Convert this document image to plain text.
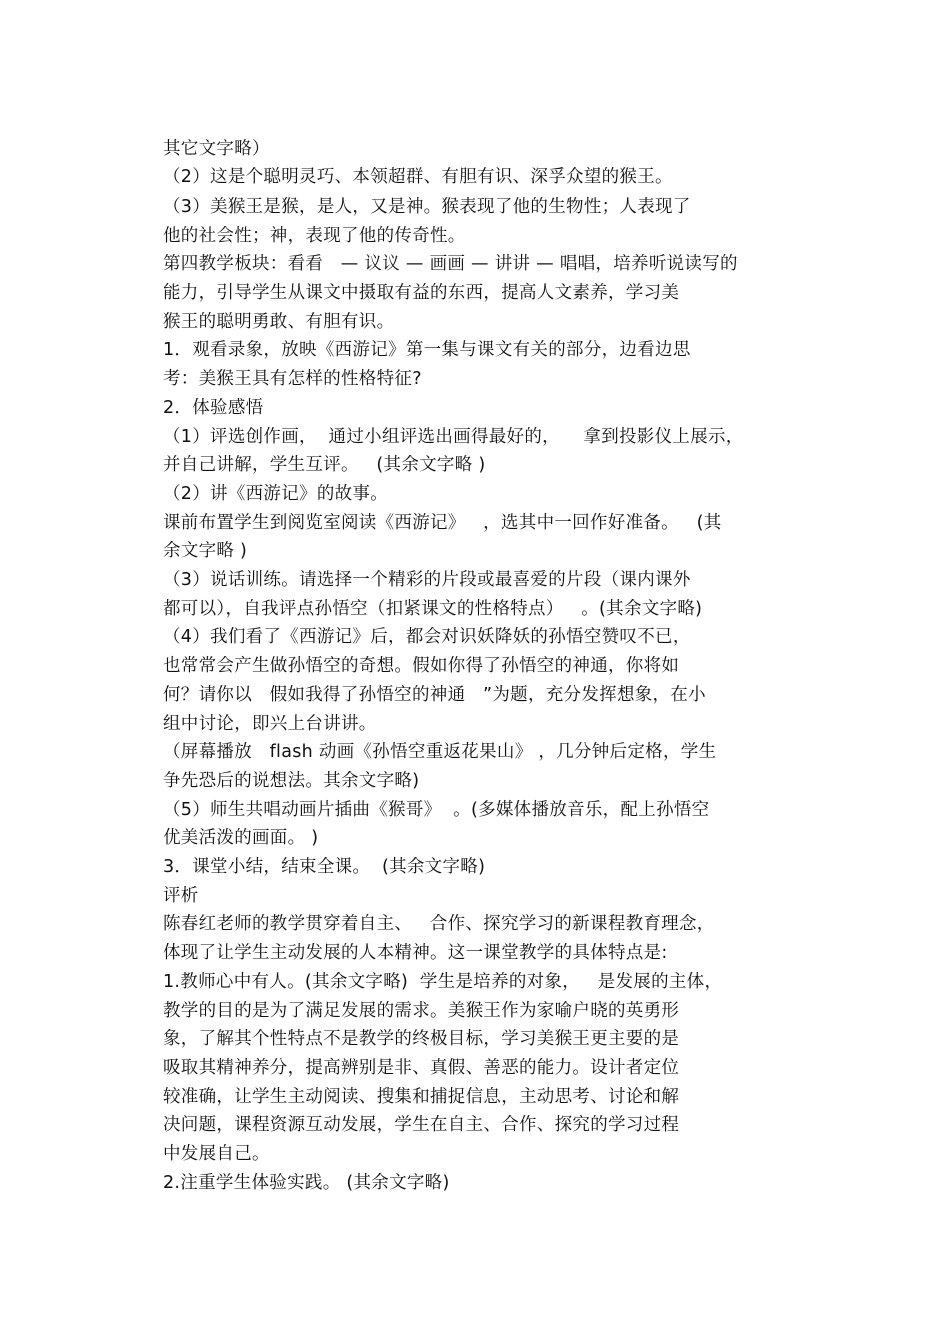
其它文字略）
（2）这是个聪明灵巧、本领超群、有胆有识、深孚众望的猴王。
（3）美猴王是猴，是人，又是神。猴表现了他的生物性；人表现了
他的社会性；神，表现了他的传奇性。
第四教学板块：看看   — 议议 — 画画 — 讲讲 — 唱唱，培养听说读写的
能力，引导学生从课文中摄取有益的东西，提高人文素养，学习美
猴王的聪明勇敢、有胆有识。
1．观看录象，放映《西游记》第一集与课文有关的部分，边看边思
考：美猴王具有怎样的性格特征?
2．体验感悟
（1）评选创作画，  通过小组评选出画得最好的，    拿到投影仪上展示，
并自己讲解，学生互评。   (其余文字略 )
（2）讲《西游记》的故事。
课前布置学生到阅览室阅读《西游记》   ，选其中一回作好准备。   (其
余文字略 )
（3）说话训练。请选择一个精彩的片段或最喜爱的片段（课内课外
都可以），自我评点孙悟空（扣紧课文的性格特点）   。(其余文字略)
（4）我们看了《西游记》后，都会对识妖降妖的孙悟空赞叹不已，
也常常会产生做孙悟空的奇想。假如你得了孙悟空的神通，你将如
何？请你以   假如我得了孙悟空的神通   ”为题，充分发挥想象，在小
组中讨论，即兴上台讲讲。
（屏幕播放   flash 动画《孙悟空重返花果山》 ，几分钟后定格，学生
争先恐后的说想法。其余文字略)
（5）师生共唱动画片插曲《猴哥》  。(多媒体播放音乐，配上孙悟空
优美活泼的画面。 )
3．课堂小结，结束全课。  (其余文字略)
评析
陈春红老师的教学贯穿着自主、   合作、探究学习的新课程教育理念，
体现了让学生主动发展的人本精神。这一课堂教学的具体特点是:
1.教师心中有人。(其余文字略)  学生是培养的对象，   是发展的主体，
教学的目的是为了满足发展的需求。美猴王作为家喻户晓的英勇形
象，了解其个性特点不是教学的终极目标，学习美猴王更主要的是
吸取其精神养分，提高辨别是非、真假、善恶的能力。设计者定位
较准确，让学生主动阅读、搜集和捕捉信息，主动思考、讨论和解
决问题，课程资源互动发展，学生在自主、合作、探究的学习过程
中发展自己。
2.注重学生体验实践。 (其余文字略)
